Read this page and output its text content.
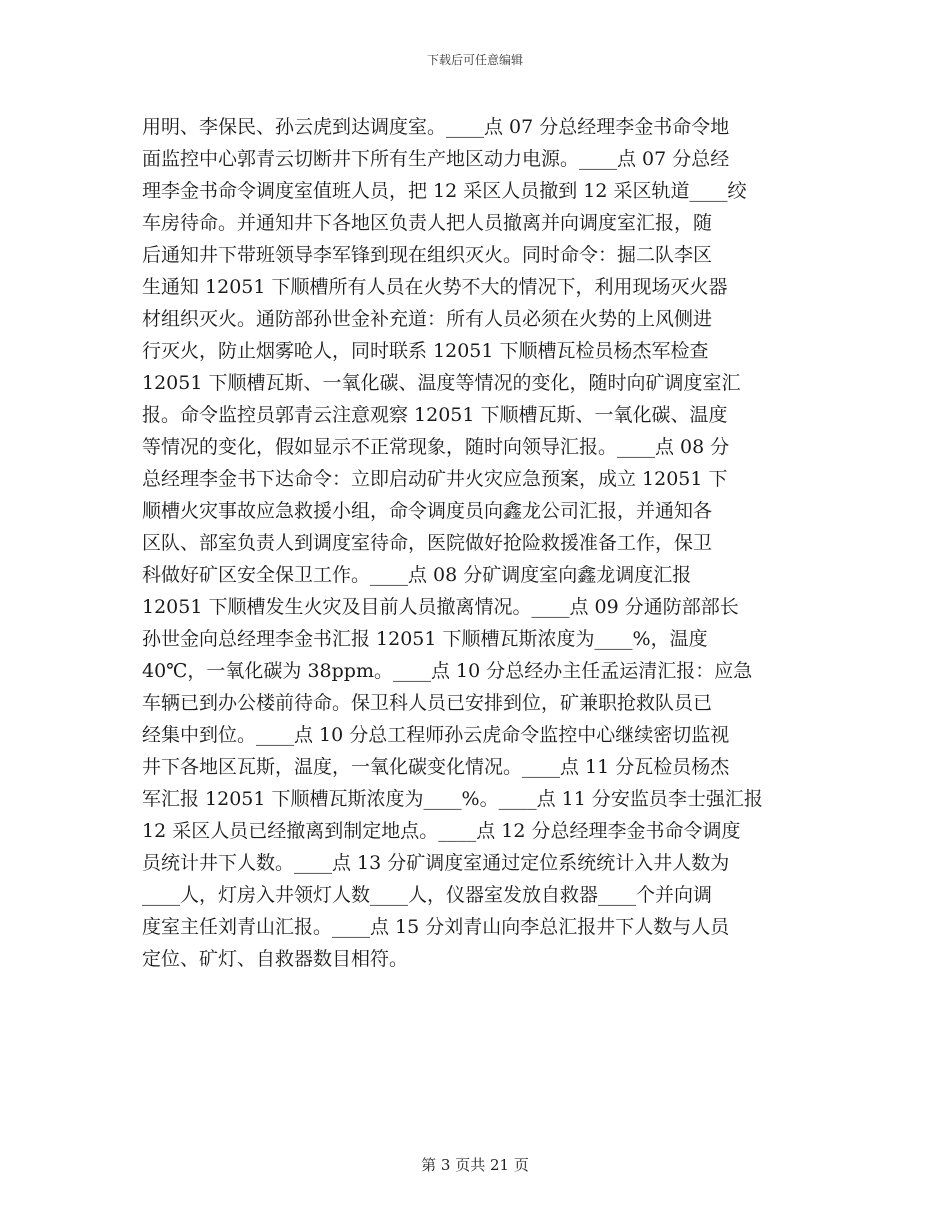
下载后可任意编辑
用明、李保民、孙云虎到达调度室。____点 07 分总经理李金书命令地
面监控中心郭青云切断井下所有生产地区动力电源。____点 07 分总经
理李金书命令调度室值班人员，把 12 采区人员撤到 12 采区轨道____绞
车房待命。并通知井下各地区负责人把人员撤离并向调度室汇报，随
后通知井下带班领导李军锋到现在组织灭火。同时命令：掘二队李区
生通知 12051 下顺槽所有人员在火势不大的情况下，利用现场灭火器
材组织灭火。通防部孙世金补充道：所有人员必须在火势的上风侧进
行灭火，防止烟雾呛人，同时联系 12051 下顺槽瓦检员杨杰军检查
12051 下顺槽瓦斯、一氧化碳、温度等情况的变化，随时向矿调度室汇
报。命令监控员郭青云注意观察 12051 下顺槽瓦斯、一氧化碳、温度
等情况的变化，假如显示不正常现象，随时向领导汇报。____点 08 分
总经理李金书下达命令：立即启动矿井火灾应急预案，成立 12051 下
顺槽火灾事故应急救援小组，命令调度员向鑫龙公司汇报，并通知各
区队、部室负责人到调度室待命，医院做好抢险救援准备工作，保卫
科做好矿区安全保卫工作。____点 08 分矿调度室向鑫龙调度汇报
12051 下顺槽发生火灾及目前人员撤离情况。____点 09 分通防部部长
孙世金向总经理李金书汇报 12051 下顺槽瓦斯浓度为____%，温度
40℃，一氧化碳为 38ppm。____点 10 分总经办主任孟运清汇报：应急
车辆已到办公楼前待命。保卫科人员已安排到位，矿兼职抢救队员已
经集中到位。____点 10 分总工程师孙云虎命令监控中心继续密切监视
井下各地区瓦斯，温度，一氧化碳变化情况。____点 11 分瓦检员杨杰
军汇报 12051 下顺槽瓦斯浓度为____%。____点 11 分安监员李士强汇报
12 采区人员已经撤离到制定地点。____点 12 分总经理李金书命令调度
员统计井下人数。____点 13 分矿调度室通过定位系统统计入井人数为
____人，灯房入井领灯人数____人，仪器室发放自救器____个并向调
度室主任刘青山汇报。____点 15 分刘青山向李总汇报井下人数与人员
定位、矿灯、自救器数目相符。
第 3 页共 21 页
